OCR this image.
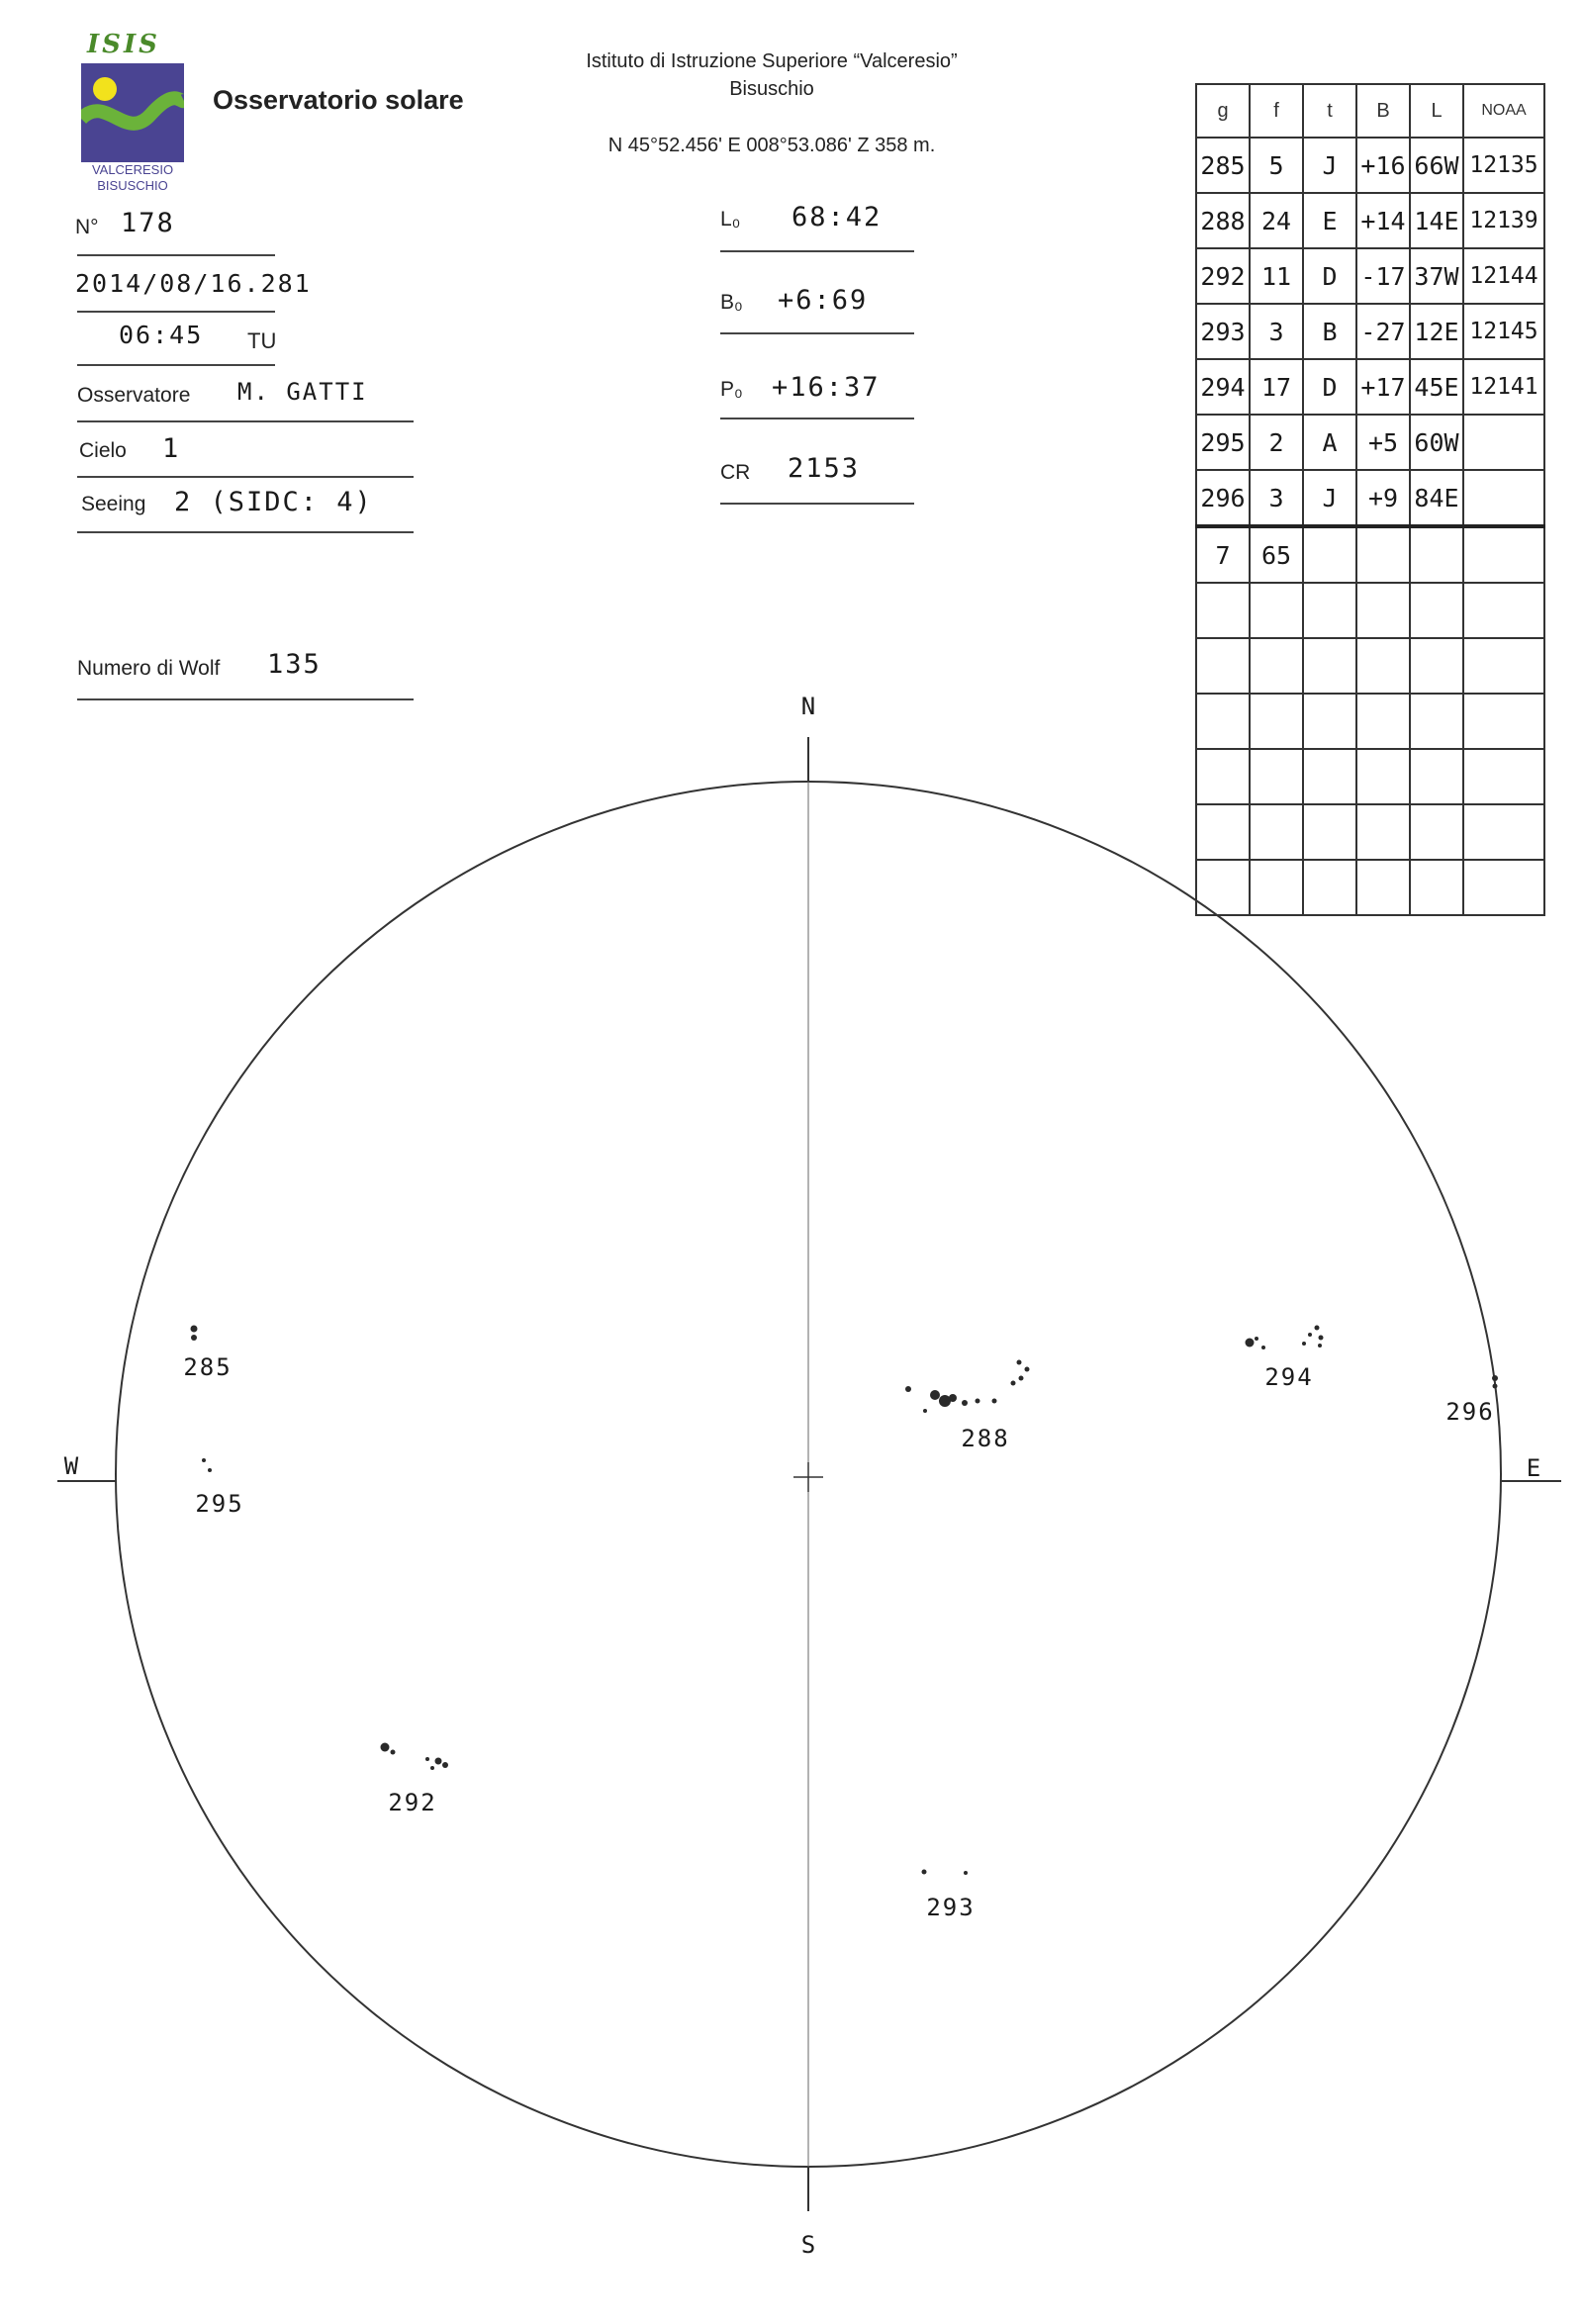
ISIS
VALCERESIO
BISUSCHIO
Osservatorio solare
Istituto di Istruzione Superiore “Valceresio”
Bisuschio
N 45°52.456' E 008°53.086' Z 358 m.
N° 178
2014/08/16.281
06:45 TU
Osservatore M. GATTI
Cielo 1
Seeing 2 (SIDC: 4)
Numero di Wolf 135
L₀ 68:42
B₀ +6:69
P₀ +16:37
CR 2153
g	f	t	B	L	NOAA
285	5	J	+16	66W	12135
288	24	E	+14	14E	12139
292	11	D	-17	37W	12144
293	3	B	-27	12E	12145
294	17	D	+17	45E	12141
295	2	A	+5	60W	
296	3	J	+9	84E	
7	65				

N
S
W	E
285
288
292
293
294
295
296
